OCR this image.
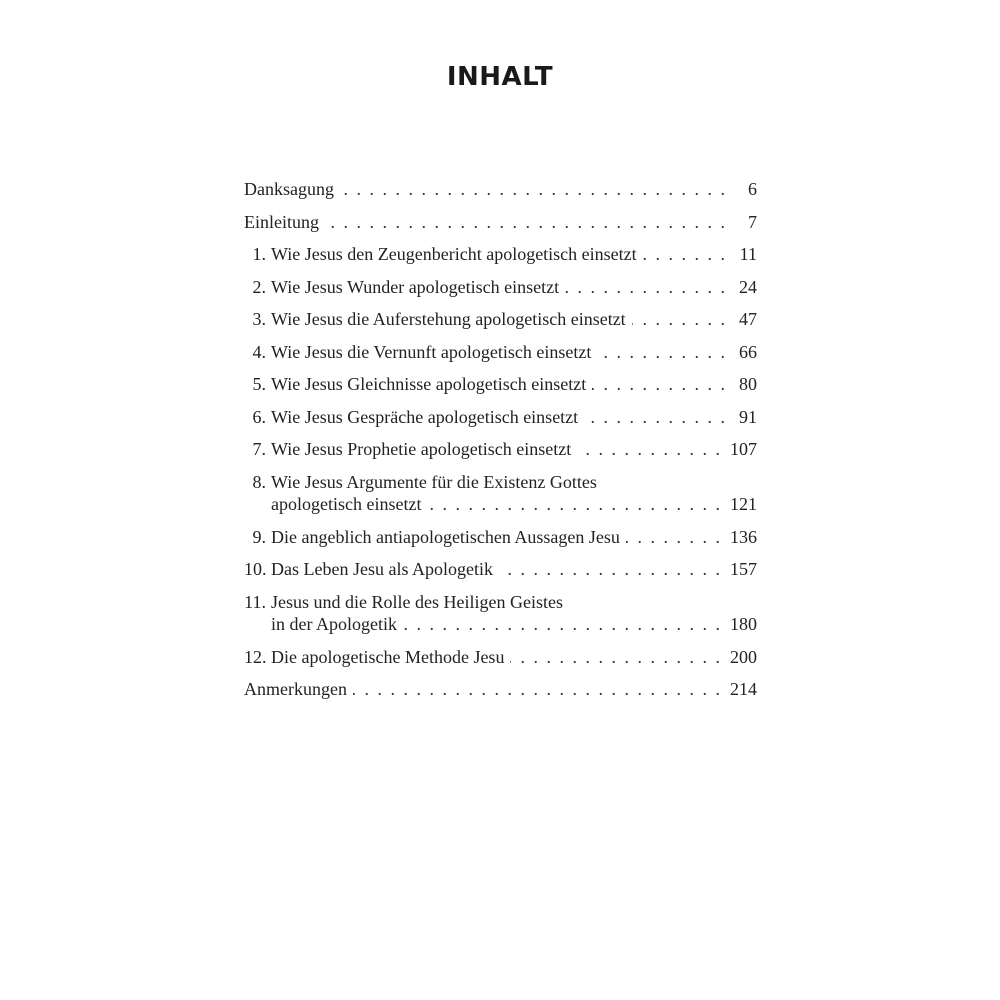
INHALT
Danksagung . . .	6
Einleitung . . .	7
1. Wie Jesus den Zeugenbericht apologetisch einsetzt . . .	11
2. Wie Jesus Wunder apologetisch einsetzt . . .	24
3. Wie Jesus die Auferstehung apologetisch einsetzt . . .	47
4. Wie Jesus die Vernunft apologetisch einsetzt . . .	66
5. Wie Jesus Gleichnisse apologetisch einsetzt . . .	80
6. Wie Jesus Gespräche apologetisch einsetzt . . .	91
7. Wie Jesus Prophetie apologetisch einsetzt . . .	107
8. Wie Jesus Argumente für die Existenz Gottes
apologetisch einsetzt . . .	121
9. Die angeblich antiapologetischen Aussagen Jesu . . .	136
10. Das Leben Jesu als Apologetik . . .	157
11. Jesus und die Rolle des Heiligen Geistes
in der Apologetik . . .	180
12. Die apologetische Methode Jesu . . .	200
Anmerkungen . . .	214
